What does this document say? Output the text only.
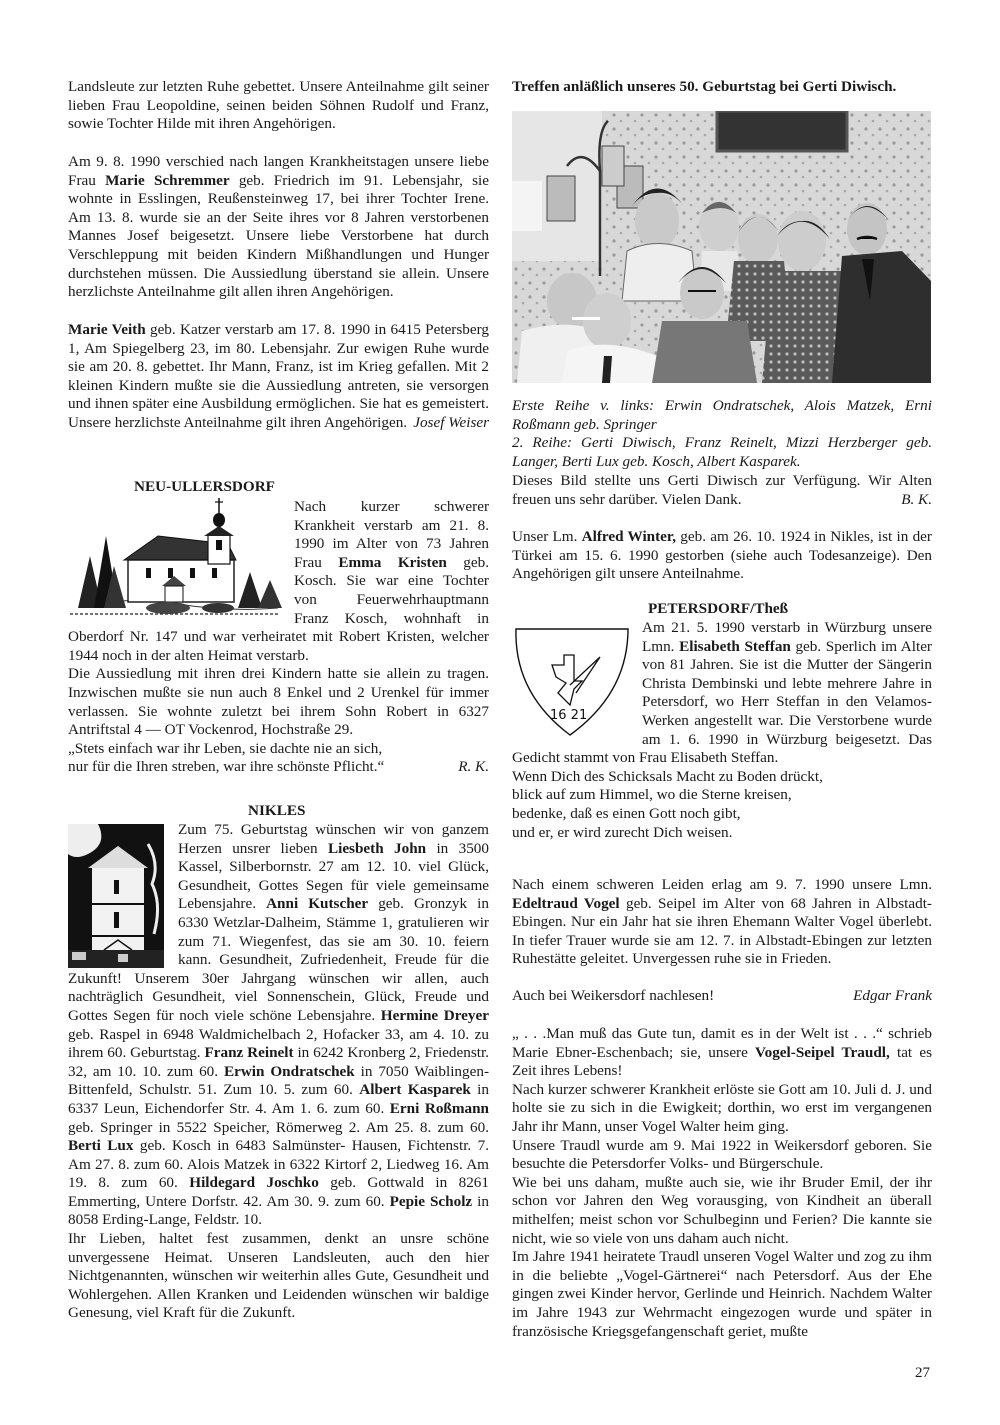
Landsleute zur letzten Ruhe gebettet. Unsere Anteilnahme gilt seiner lieben Frau Leopoldine, seinen beiden Söhnen Rudolf und Franz, sowie Tochter Hilde mit ihren Angehörigen.

Am 9. 8. 1990 verschied nach langen Krankheitstagen unsere liebe Frau Marie Schremmer geb. Friedrich im 91. Lebensjahr, sie wohnte in Esslingen, Reußensteinweg 17, bei ihrer Tochter Irene. Am 13. 8. wurde sie an der Seite ihres vor 8 Jahren verstorbenen Mannes Josef beigesetzt. Unsere liebe Verstorbene hat durch Verschleppung mit beiden Kindern Mißhandlungen und Hunger durchstehen müssen. Die Aussiedlung überstand sie allein. Unsere herzlichste Anteilnahme gilt allen ihren Angehörigen.

Marie Veith geb. Katzer verstarb am 17. 8. 1990 in 6415 Petersberg 1, Am Spiegelberg 23, im 80. Lebensjahr. Zur ewigen Ruhe wurde sie am 20. 8. gebettet. Ihr Mann, Franz, ist im Krieg gefallen. Mit 2 kleinen Kindern mußte sie die Aussiedlung antreten, sie versorgen und ihnen später eine Ausbildung ermöglichen. Sie hat es gemeistert. Unsere herzlichste Anteilnahme gilt ihren Angehörigen. Josef Weiser

NEU-ULLERSDORF

Nach kurzer schwerer Krankheit verstarb am 21. 8. 1990 im Alter von 73 Jahren Frau Emma Kristen geb. Kosch. Sie war eine Tochter von Feuerwehrhauptmann Franz Kosch, wohnhaft in Oberdorf Nr. 147 und war verheiratet mit Robert Kristen, welcher 1944 noch in der alten Heimat verstarb.

Die Aussiedlung mit ihren drei Kindern hatte sie allein zu tragen. Inzwischen mußte sie nun auch 8 Enkel und 2 Urenkel für immer verlassen. Sie wohnte zuletzt bei ihrem Sohn Robert in 6327 Antriftstal 4 — OT Vockenrod, Hochstraße 29.

„Stets einfach war ihr Leben, sie dachte nie an sich,
nur für die Ihren streben, war ihre schönste Pflicht.“	R. K.

NIKLES

Zum 75. Geburtstag wünschen wir von ganzem Herzen unsrer lieben Liesbeth John in 3500 Kassel, Silberbornstr. 27 am 12. 10. viel Glück, Gesundheit, Gottes Segen für viele gemeinsame Lebensjahre. Anni Kutscher geb. Gronzyk in 6330 Wetzlar-Dalheim, Stämme 1, gratulieren wir zum 71. Wiegenfest, das sie am 30. 10. feiern kann. Gesundheit, Zufriedenheit, Freude für die Zukunft! Unserem 30er Jahrgang wünschen wir allen, auch nachträglich Gesundheit, viel Sonnenschein, Glück, Freude und Gottes Segen für noch viele schöne Lebensjahre. Hermine Dreyer geb. Raspel in 6948 Waldmichelbach 2, Hofacker 33, am 4. 10. zu ihrem 60. Geburtstag. Franz Reinelt in 6242 Kronberg 2, Friedenstr. 32, am 10. 10. zum 60. Erwin Ondratschek in 7050 Waiblingen-Bittenfeld, Schulstr. 51. Zum 10. 5. zum 60. Albert Kasparek in 6337 Leun, Eichendorfer Str. 4. Am 1. 6. zum 60. Erni Roßmann geb. Springer in 5522 Speicher, Römerweg 2. Am 25. 8. zum 60. Berti Lux geb. Kosch in 6483 Salmünster- Hausen, Fichtenstr. 7. Am 27. 8. zum 60. Alois Matzek in 6322 Kirtorf 2, Liedweg 16. Am 19. 8. zum 60. Hildegard Joschko geb. Gottwald in 8261 Emmerting, Untere Dorfstr. 42. Am 30. 9. zum 60. Pepie Scholz in 8058 Erding-Lange, Feldstr. 10.

Ihr Lieben, haltet fest zusammen, denkt an unsre schöne unvergessene Heimat. Unseren Landsleuten, auch den hier Nichtgenannten, wünschen wir weiterhin alles Gute, Gesundheit und Wohlergehen. Allen Kranken und Leidenden wünschen wir baldige Genesung, viel Kraft für die Zukunft.

Treffen anläßlich unseres 50. Geburtstag bei Gerti Diwisch.

Erste Reihe v. links: Erwin Ondratschek, Alois Matzek, Erni Roßmann geb. Springer

2. Reihe: Gerti Diwisch, Franz Reinelt, Mizzi Herzberger geb. Langer, Berti Lux geb. Kosch, Albert Kasparek.

Dieses Bild stellte uns Gerti Diwisch zur Verfügung. Wir Alten freuen uns sehr darüber. Vielen Dank.	B. K.

Unser Lm. Alfred Winter, geb. am 26. 10. 1924 in Nikles, ist in der Türkei am 15. 6. 1990 gestorben (siehe auch Todesanzeige). Den Angehörigen gilt unsere Anteilnahme.

PETERSDORF/Theß
16 21

Am 21. 5. 1990 verstarb in Würzburg unsere Lmn. Elisabeth Steffan geb. Sperlich im Alter von 81 Jahren. Sie ist die Mutter der Sängerin Christa Dembinski und lebte mehrere Jahre in Petersdorf, wo Herr Steffan in den Velamos-Werken angestellt war. Die Verstorbene wurde am 1. 6. 1990 in Würzburg beigesetzt. Das Gedicht stammt von Frau Elisabeth Steffan.

Wenn Dich des Schicksals Macht zu Boden drückt,

blick auf zum Himmel, wo die Sterne kreisen,

bedenke, daß es einen Gott noch gibt,

und er, er wird zurecht Dich weisen.

Nach einem schweren Leiden erlag am 9. 7. 1990 unsere Lmn. Edeltraud Vogel geb. Seipel im Alter von 68 Jahren in Albstadt-Ebingen. Nur ein Jahr hat sie ihren Ehemann Walter Vogel überlebt. In tiefer Trauer wurde sie am 12. 7. in Albstadt-Ebingen zur letzten Ruhestätte geleitet. Unvergessen ruhe sie in Frieden.

Auch bei Weikersdorf nachlesen!	Edgar Frank

„ . . .Man muß das Gute tun, damit es in der Welt ist . . .“ schrieb Marie Ebner-Eschenbach; sie, unsere Vogel-Seipel Traudl, tat es Zeit ihres Lebens!

Nach kurzer schwerer Krankheit erlöste sie Gott am 10. Juli d. J. und holte sie zu sich in die Ewigkeit; dorthin, wo erst im vergangenen Jahr ihr Mann, unser Vogel Walter heim ging.

Unsere Traudl wurde am 9. Mai 1922 in Weikersdorf geboren. Sie besuchte die Petersdorfer Volks- und Bürgerschule.

Wie bei uns daham, mußte auch sie, wie ihr Bruder Emil, der ihr schon vor Jahren den Weg vorausging, von Kindheit an überall mithelfen; meist schon vor Schulbeginn und Ferien? Die kannte sie nicht, wie so viele von uns daham auch nicht.

Im Jahre 1941 heiratete Traudl unseren Vogel Walter und zog zu ihm in die beliebte „Vogel-Gärtnerei“ nach Petersdorf. Aus der Ehe gingen zwei Kinder hervor, Gerlinde und Heinrich. Nachdem Walter im Jahre 1943 zur Wehrmacht eingezogen wurde und später in französische Kriegsgefangenschaft geriet, mußte

27
